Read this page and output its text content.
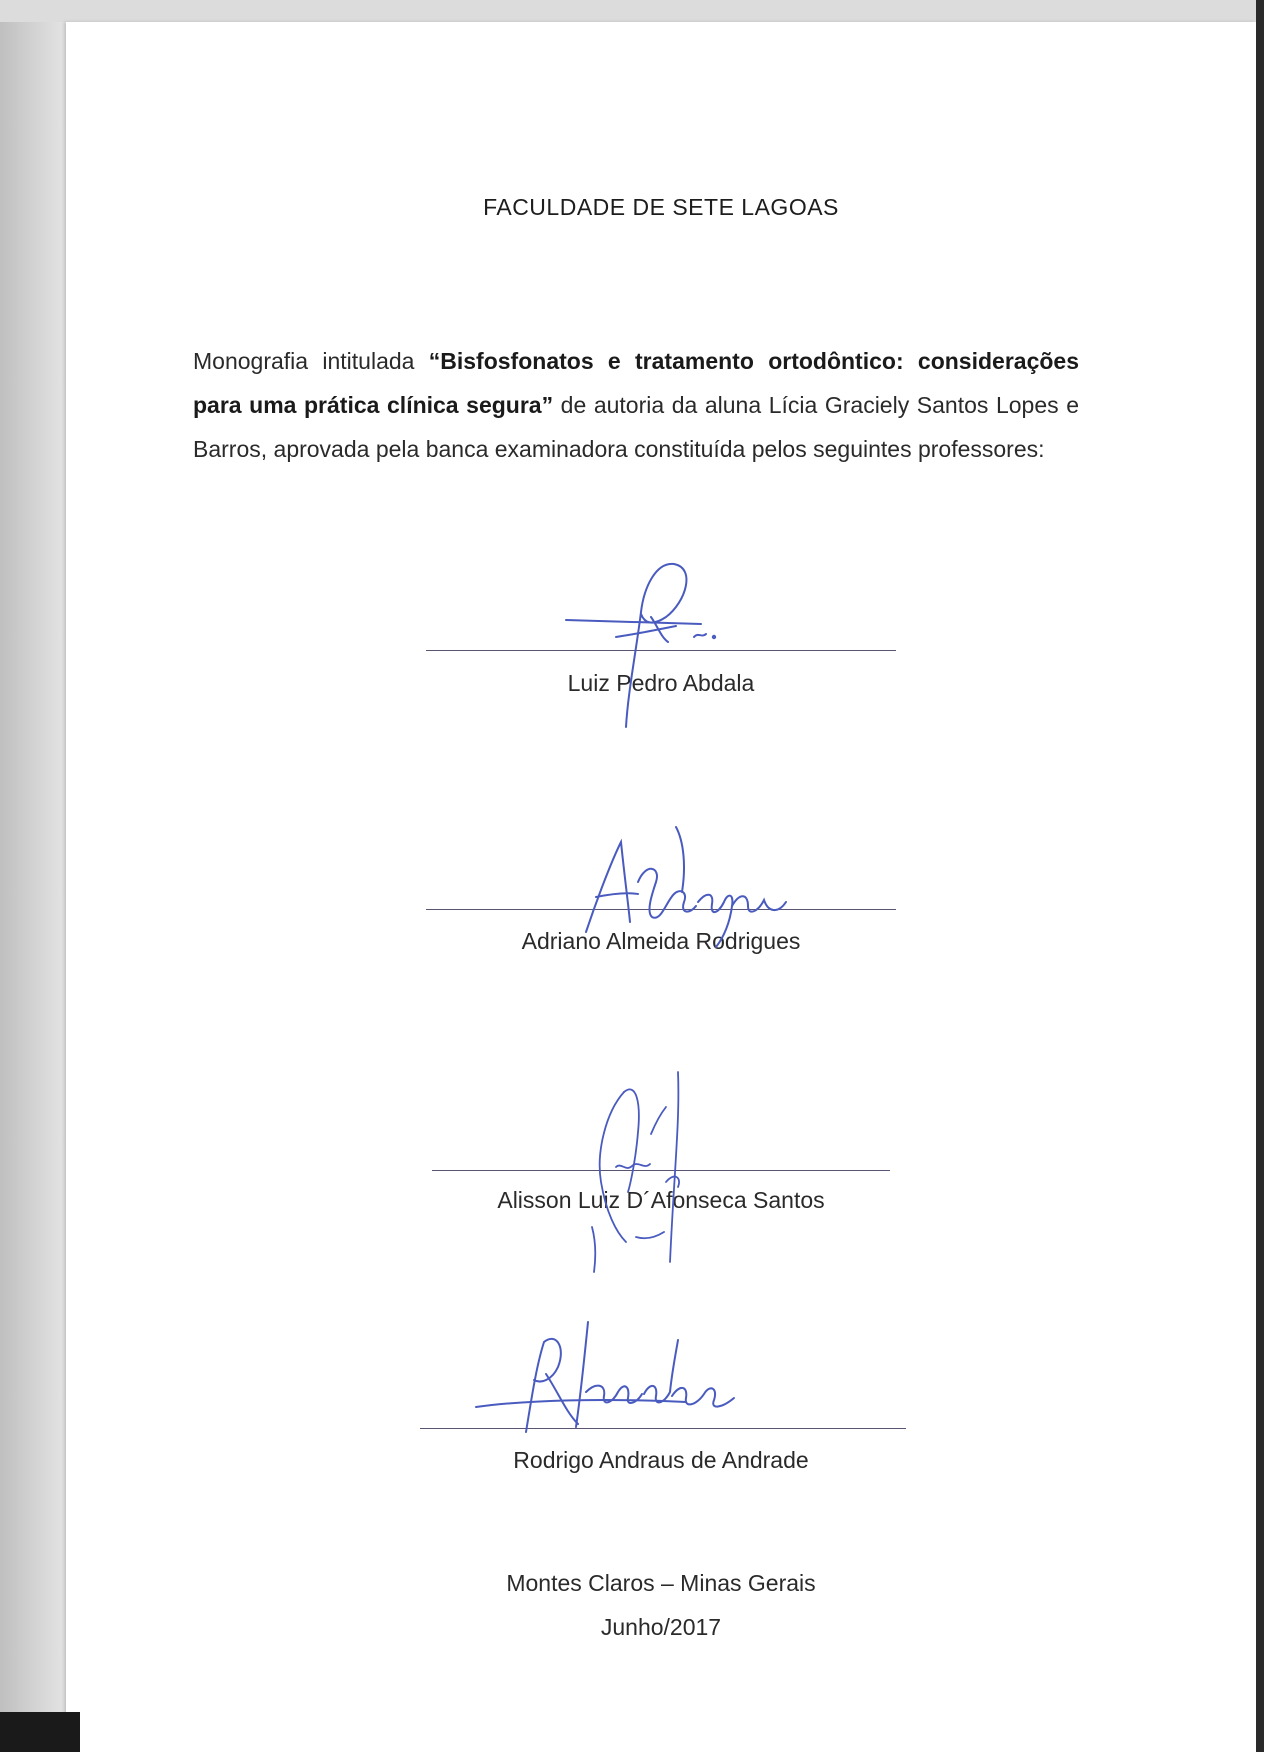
FACULDADE DE SETE LAGOAS
Monografia intitulada “Bisfosfonatos e tratamento ortodôntico: considerações para uma prática clínica segura” de autoria da aluna Lícia Graciely Santos Lopes e Barros, aprovada pela banca examinadora constituída pelos seguintes professores:
Luiz Pedro Abdala
Adriano Almeida Rodrigues
Alisson Luiz D´Afonseca Santos
Rodrigo Andraus de Andrade
Montes Claros – Minas Gerais
Junho/2017
